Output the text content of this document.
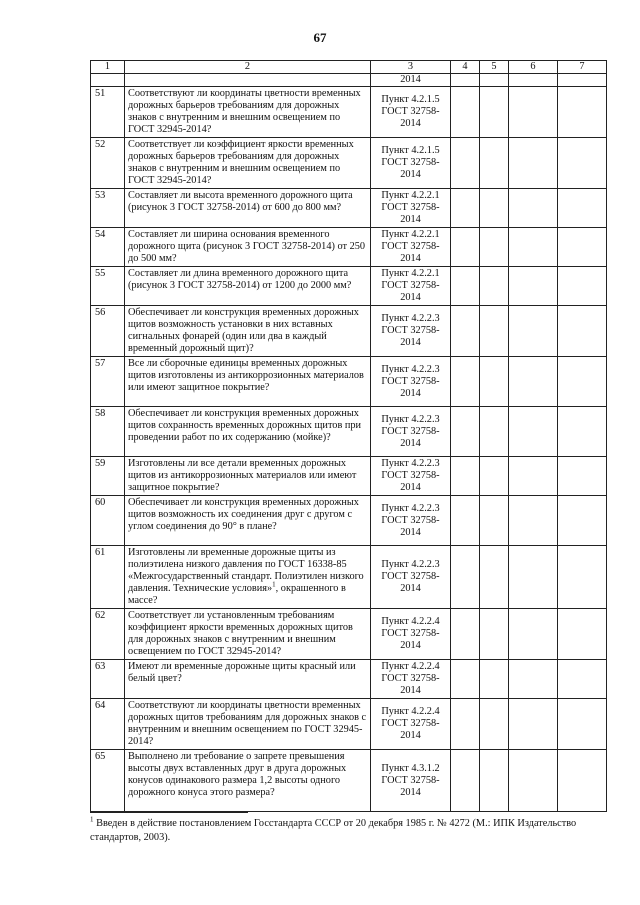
67
1	2	3	4	5	6	7
		2014				
51	Соответствуют ли координаты цветности временных дорожных барьеров требованиям для дорожных знаков с внутренним и внешним освещением по ГОСТ 32945-2014?	Пункт 4.2.1.5 ГОСТ 32758-2014				
52	Соответствует ли коэффициент яркости временных дорожных барьеров требованиям для дорожных знаков с внутренним и внешним освещением по ГОСТ 32945-2014?	Пункт 4.2.1.5 ГОСТ 32758-2014				
53	Составляет ли высота временного дорожного щита (рисунок 3 ГОСТ 32758-2014) от 600 до 800 мм?	Пункт 4.2.2.1 ГОСТ 32758-2014				
54	Составляет ли ширина основания временного дорожного щита (рисунок 3 ГОСТ 32758-2014) от 250 до 500 мм?	Пункт 4.2.2.1 ГОСТ 32758-2014				
55	Составляет ли длина временного дорожного щита (рисунок 3 ГОСТ 32758-2014) от 1200 до 2000 мм?	Пункт 4.2.2.1 ГОСТ 32758-2014				
56	Обеспечивает ли конструкция временных дорожных щитов возможность установки в них вставных сигнальных фонарей (один или два в каждый временный дорожный щит)?	Пункт 4.2.2.3 ГОСТ 32758-2014				
57	Все ли сборочные единицы временных дорожных щитов изготовлены из антикоррозионных материалов или имеют защитное покрытие?	Пункт 4.2.2.3 ГОСТ 32758-2014				
58	Обеспечивает ли конструкция временных дорожных щитов сохранность временных дорожных щитов при проведении работ по их содержанию (мойке)?	Пункт 4.2.2.3 ГОСТ 32758-2014				
59	Изготовлены ли все детали временных дорожных щитов из антикоррозионных материалов или имеют защитное покрытие?	Пункт 4.2.2.3 ГОСТ 32758-2014				
60	Обеспечивает ли конструкция временных дорожных щитов возможность их соединения друг с другом с углом соединения до 90° в плане?	Пункт 4.2.2.3 ГОСТ 32758-2014				
61	Изготовлены ли временные дорожные щиты из полиэтилена низкого давления по ГОСТ 16338-85 «Межгосударственный стандарт. Полиэтилен низкого давления. Технические условия»$^1$, окрашенного в массе?	Пункт 4.2.2.3 ГОСТ 32758-2014				
62	Соответствует ли установленным требованиям коэффициент яркости временных дорожных щитов для дорожных знаков с внутренним и внешним освещением по ГОСТ 32945-2014?	Пункт 4.2.2.4 ГОСТ 32758-2014				
63	Имеют ли временные дорожные щиты красный или белый цвет?	Пункт 4.2.2.4 ГОСТ 32758-2014				
64	Соответствуют ли координаты цветности временных дорожных щитов требованиям для дорожных знаков с внутренним и внешним освещением по ГОСТ 32945-2014?	Пункт 4.2.2.4 ГОСТ 32758-2014				
65	Выполнено ли требование о запрете превышения высоты двух вставленных друг в друга дорожных конусов одинакового размера 1,2 высоты одного дорожного конуса этого размера?	Пункт 4.3.1.2 ГОСТ 32758-2014				
$^1$ Введен в действие постановлением Госстандарта СССР от 20 декабря 1985 г. № 4272 (М.: ИПК Издательство стандартов, 2003).
